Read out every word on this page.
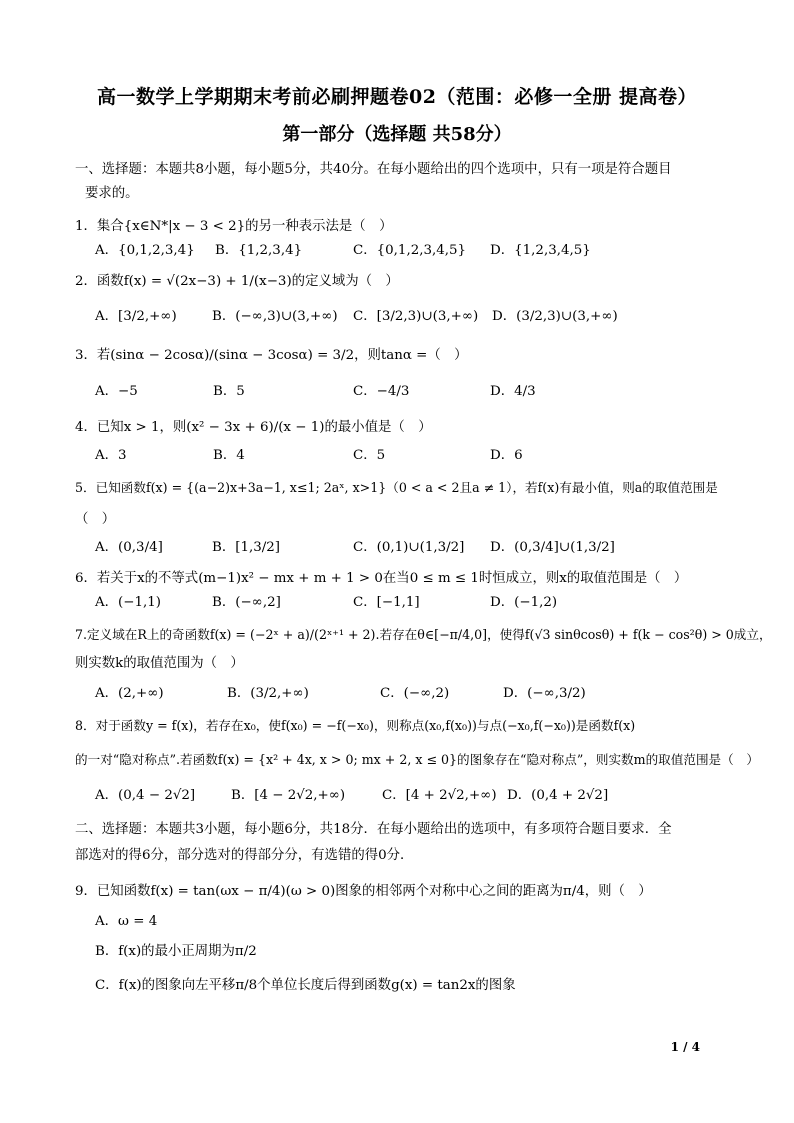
高一数学上学期期末考前必刷押题卷02（范围：必修一全册 提高卷）
第一部分（选择题 共58分）
一、选择题：本题共8小题，每小题5分，共40分。在每小题给出的四个选项中，只有一项是符合题目
要求的。
1．集合{x∈N*|x − 3 < 2}的另一种表示法是（　）
A．{0,1,2,3,4} B．{1,2,3,4}	C．{0,1,2,3,4,5} D．{1,2,3,4,5}
2．函数f(x) = √(2x−3) + 1/(x−3)的定义域为（　）
A．[3/2,+∞)	B．(−∞,3)∪(3,+∞) C．[3/2,3)∪(3,+∞) D．(3/2,3)∪(3,+∞)
3．若(sinα − 2cosα)/(sinα − 3cosα) = 3/2，则tanα =（　）
A．−5	B．5	C．−4/3	D．4/3
4．已知x > 1，则(x² − 3x + 6)/(x − 1)的最小值是（　）
A．3	B．4	C．5	D．6
5．已知函数f(x) = {(a−2)x+3a−1, x≤1; 2aˣ, x>1}（0 < a < 2且a ≠ 1），若f(x)有最小值，则a的取值范围是
（　）
A．(0,3/4]	B．[1,3/2]	C．(0,1)∪(1,3/2] D．(0,3/4]∪(1,3/2]
6．若关于x的不等式(m−1)x² − mx + m + 1 > 0在当0 ≤ m ≤ 1时恒成立，则x的取值范围是（　）
A．(−1,1)	B．(−∞,2]	C．[−1,1]	D．(−1,2)
7.定义域在R上的奇函数f(x) = (−2ˣ + a)/(2ˣ⁺¹ + 2).若存在θ∈[−π/4,0]，使得f(√3 sinθcosθ) + f(k − cos²θ) > 0成立，
则实数k的取值范围为（　）
A．(2,+∞)	B．(3/2,+∞)	C．(−∞,2)	D．(−∞,3/2)
8．对于函数y = f(x)，若存在x₀，使f(x₀) = −f(−x₀)，则称点(x₀,f(x₀))与点(−x₀,f(−x₀))是函数f(x)
的一对“隐对称点”.若函数f(x) = {x² + 4x, x > 0; mx + 2, x ≤ 0}的图象存在“隐对称点”，则实数m的取值范围是（　）
A．(0,4 − 2√2]	B．[4 − 2√2,+∞)	C．[4 + 2√2,+∞) D．(0,4 + 2√2]
二、选择题：本题共3小题，每小题6分，共18分．在每小题给出的选项中，有多项符合题目要求．全
部选对的得6分，部分选对的得部分分，有选错的得0分．
9．已知函数f(x) = tan(ωx − π/4)(ω > 0)图象的相邻两个对称中心之间的距离为π/4，则（　）
A．ω = 4
B．f(x)的最小正周期为π/2
C．f(x)的图象向左平移π/8个单位长度后得到函数g(x) = tan2x的图象
1 / 4
